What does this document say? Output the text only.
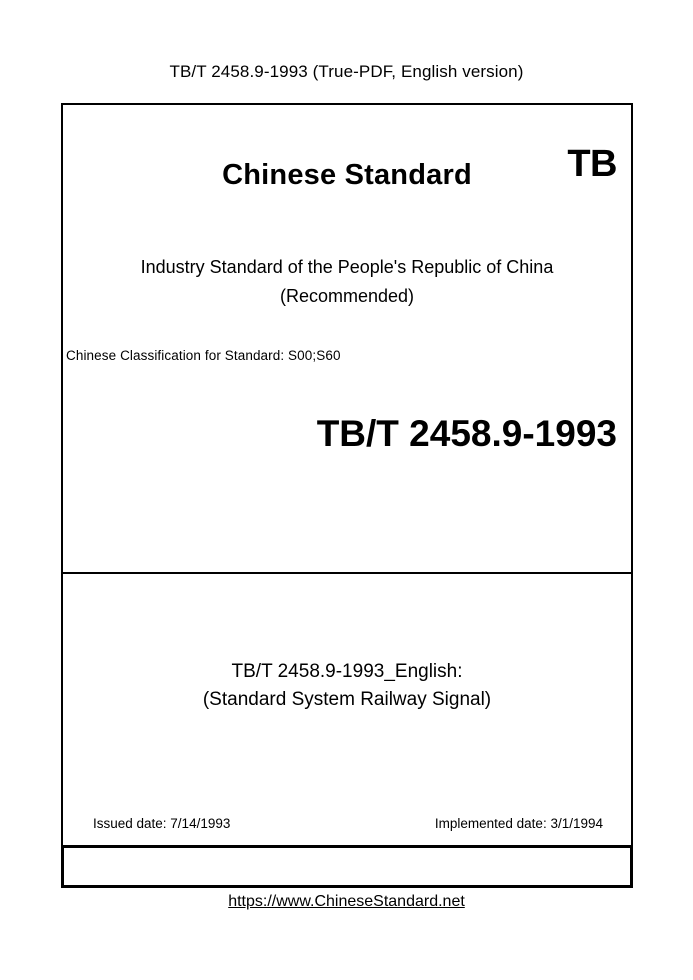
TB/T 2458.9-1993 (True-PDF, English version)
Chinese Standard	TB
Industry Standard of the People's Republic of China
(Recommended)
Chinese Classification for Standard: S00;S60
TB/T 2458.9-1993
TB/T 2458.9-1993_English:
(Standard System Railway Signal)
Issued date: 7/14/1993	Implemented date: 3/1/1994
https://www.ChineseStandard.net
